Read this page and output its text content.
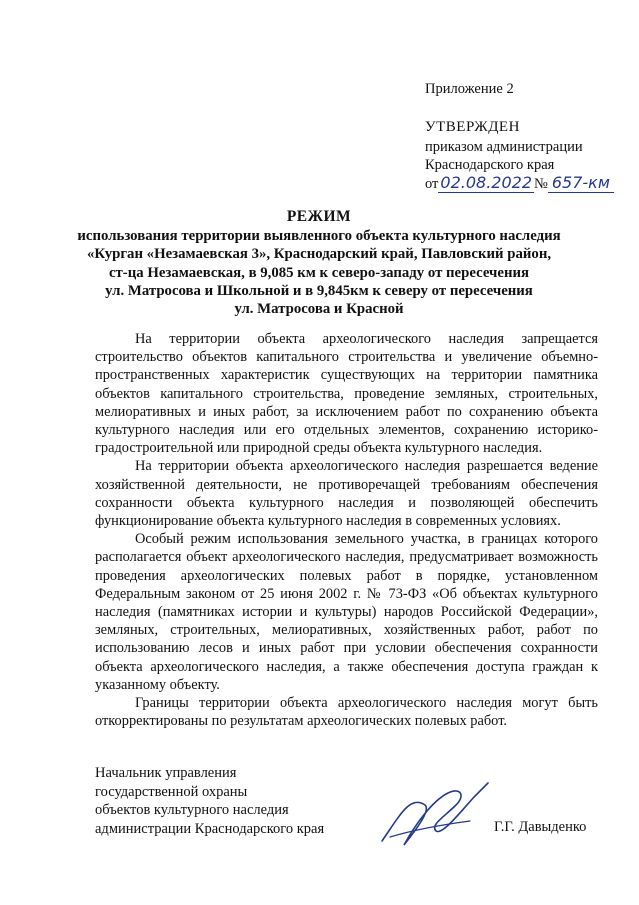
Приложение 2
УТВЕРЖДЕН
приказом администрации
Краснодарского края
от 02.08.2022 № 657-км
РЕЖИМ
использования территории выявленного объекта культурного наследия
«Курган «Незамаевская 3», Краснодарский край, Павловский район,
ст-ца Незамаевская, в 9,085 км к северо-западу от пересечения
ул. Матросова и Школьной и в 9,845км к северу от пересечения
ул. Матросова и Красной

На территории объекта археологического наследия запрещается строительство объектов капитального строительства и увеличение объемно-пространственных характеристик существующих на территории памятника объектов капитального строительства, проведение земляных, строительных, мелиоративных и иных работ, за исключением работ по сохранению объекта культурного наследия или его отдельных элементов, сохранению историко-градостроительной или природной среды объекта культурного наследия.

На территории объекта археологического наследия разрешается ведение хозяйственной деятельности, не противоречащей требованиям обеспечения сохранности объекта культурного наследия и позволяющей обеспечить функционирование объекта культурного наследия в современных условиях.

Особый режим использования земельного участка, в границах которого располагается объект археологического наследия, предусматривает возможность проведения археологических полевых работ в порядке, установленном Федеральным законом от 25 июня 2002 г. № 73-ФЗ «Об объектах культурного наследия (памятниках истории и культуры) народов Российской Федерации», земляных, строительных, мелиоративных, хозяйственных работ, работ по использованию лесов и иных работ при условии обеспечения сохранности объекта археологического наследия, а также обеспечения доступа граждан к указанному объекту.

Границы территории объекта археологического наследия могут быть откорректированы по результатам археологических полевых работ.

Начальник управления
государственной охраны
объектов культурного наследия
администрации Краснодарского края	Г.Г. Давыденко
